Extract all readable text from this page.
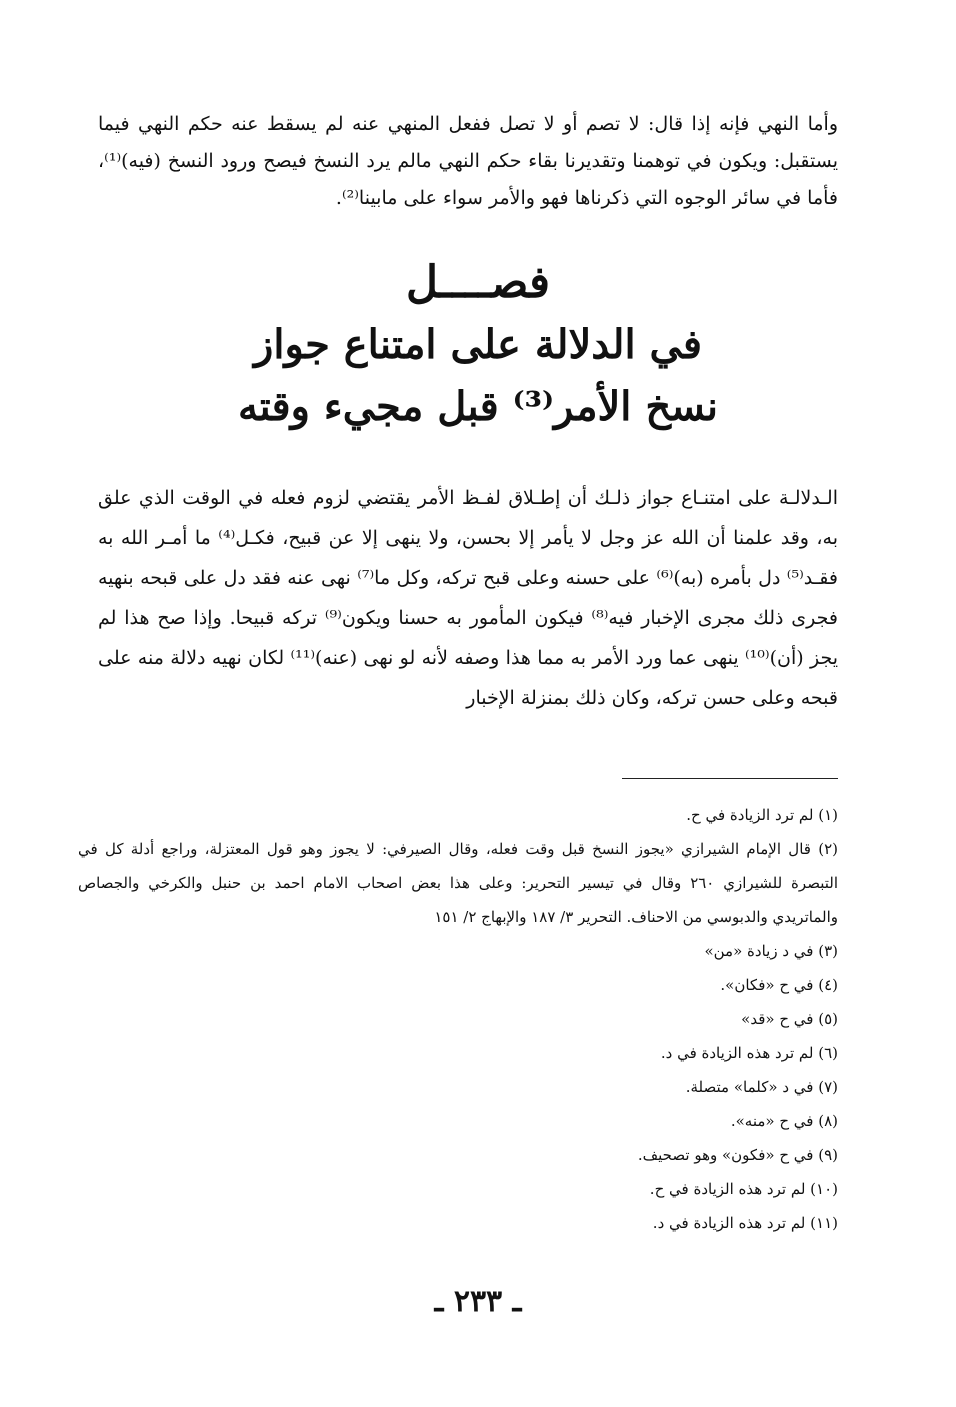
وأما النهي فإنه إذا قال: لا تصم أو لا تصل ففعل المنهي عنه لم يسقط عنه حكم النهي فيما يستقبل: ويكون في توهمنا وتقديرنا بقاء حكم النهي مالم يرد النسخ فيصح ورود النسخ (فيه)⁽¹⁾، فأما في سائر الوجوه التي ذكرناها فهو والأمر سواء على مابينا⁽²⁾.

فصــــل
في الدلالة على امتناع جواز
نسخ الأمر⁽³⁾ قبل مجيء وقته

الـدلالـة على امتنـاع جواز ذلـك أن إطـلاق لفـظ الأمر يقتضي لزوم فعله في الوقت الذي علق به، وقد علمنا أن الله عز وجل لا يأمر إلا بحسن، ولا ينهى إلا عن قبيح، فكـل⁽⁴⁾ ما أمـر الله به فقـد⁽⁵⁾ دل بأمره (به)⁽⁶⁾ على حسنه وعلى قبح تركه، وكل ما⁽⁷⁾ نهى عنه فقد دل على قبحه بنهيه فجرى ذلك مجرى الإخبار فيه⁽⁸⁾ فيكون المأمور به حسنا ويكون⁽⁹⁾ تركه قبيحا. وإذا صح هذا لم يجز (أن)⁽¹⁰⁾ ينهى عما ورد الأمر به مما هذا وصفه لأنه لو نهى (عنه)⁽¹¹⁾ لكان نهيه دلالة منه على قبحه وعلى حسن تركه، وكان ذلك بمنزلة الإخبار

(١) لم ترد الزيادة في ح.
(٢) قال الإمام الشيرازي «يجوز النسخ قبل وقت فعله، وقال الصيرفي: لا يجوز وهو قول المعتزلة، وراجع أدلة كل في التبصرة للشيرازي ٢٦٠ وقال في تيسير التحرير: وعلى هذا بعض اصحاب الامام احمد بن حنبل والكرخي والجصاص والماتريدي والدبوسي من الاحناف. التحرير ٣/ ١٨٧ والإبهاج ٢/ ١٥١
(٣) في د زيادة «من»
(٤) في ح «فكان».
(٥) في ح «قد»
(٦) لم ترد هذه الزيادة في د.
(٧) في د «كلما» متصلة.
(٨) في ح «منه».
(٩) في ح «فكون» وهو تصحيف.
(١٠) لم ترد هذه الزيادة في ح.
(١١) لم ترد هذه الزيادة في د.
ـ ٢٣٣ ـ
